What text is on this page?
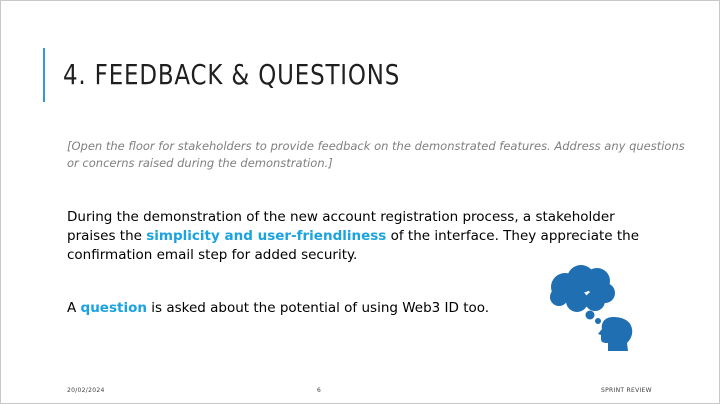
4. FEEDBACK & QUESTIONS

[Open the floor for stakeholders to provide feedback on the demonstrated features. Address any questions or concerns raised during the demonstration.]

During the demonstration of the new account registration process, a stakeholder praises the simplicity and user-friendliness of the interface. They appreciate the confirmation email step for added security.

A question is asked about the potential of using Web3 ID too.

20/02/2024	6	SPRINT REVIEW
